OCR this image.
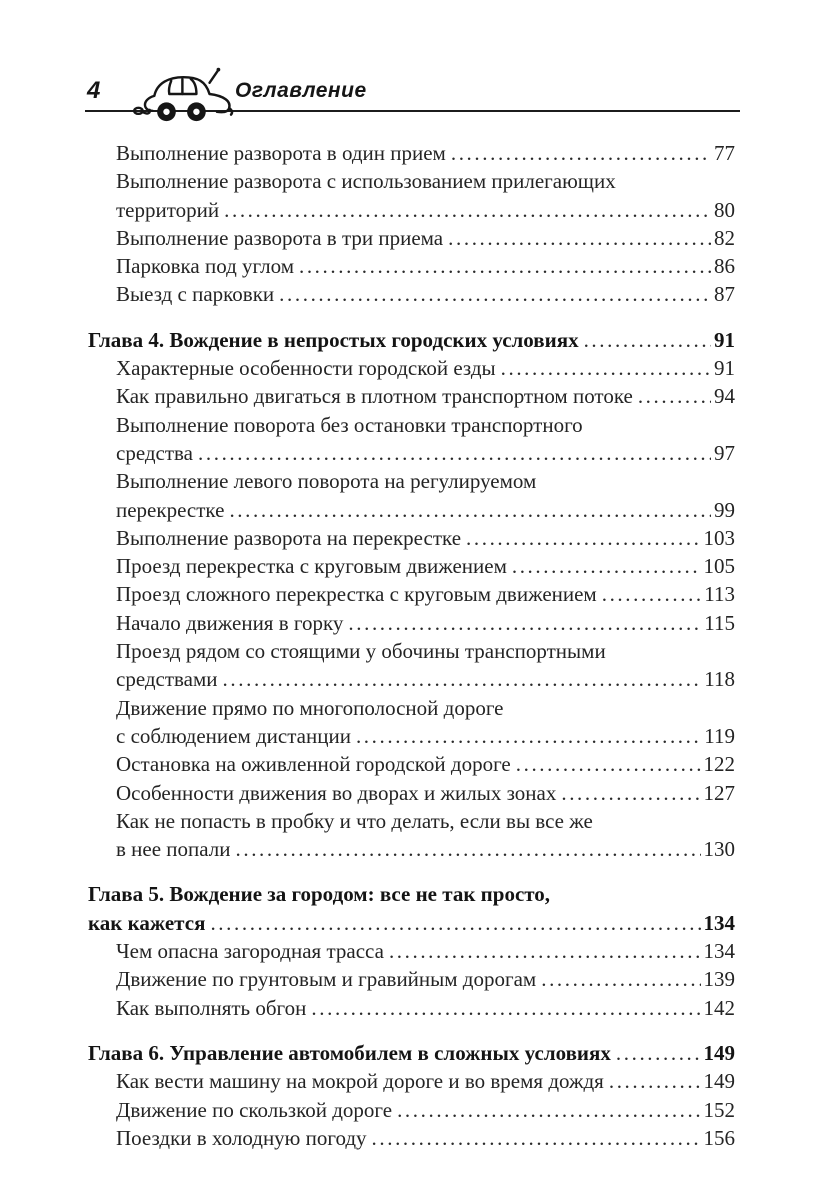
4	Оглавление
Выполнение разворота в один прием .....	77
Выполнение разворота с использованием прилегающих
территорий .....	80
Выполнение разворота в три приема .....	82
Парковка под углом .....	86
Выезд с парковки .....	87
Глава 4. Вождение в непростых городских условиях .....	91
Характерные особенности городской езды .....	91
Как правильно двигаться в плотном транспортном потоке .....	94
Выполнение поворота без остановки транспортного
средства .....	97
Выполнение левого поворота на регулируемом
перекрестке .....	99
Выполнение разворота на перекрестке .....	103
Проезд перекрестка с круговым движением .....	105
Проезд сложного перекрестка с круговым движением .....	113
Начало движения в горку .....	115
Проезд рядом со стоящими у обочины транспортными
средствами .....	118
Движение прямо по многополосной дороге
с соблюдением дистанции .....	119
Остановка на оживленной городской дороге .....	122
Особенности движения во дворах и жилых зонах .....	127
Как не попасть в пробку и что делать, если вы все же
в нее попали .....	130
Глава 5. Вождение за городом: все не так просто,
как кажется .....	134
Чем опасна загородная трасса .....	134
Движение по грунтовым и гравийным дорогам .....	139
Как выполнять обгон .....	142
Глава 6. Управление автомобилем в сложных условиях .....	149
Как вести машину на мокрой дороге и во время дождя .....	149
Движение по скользкой дороге .....	152
Поездки в холодную погоду .....	156
